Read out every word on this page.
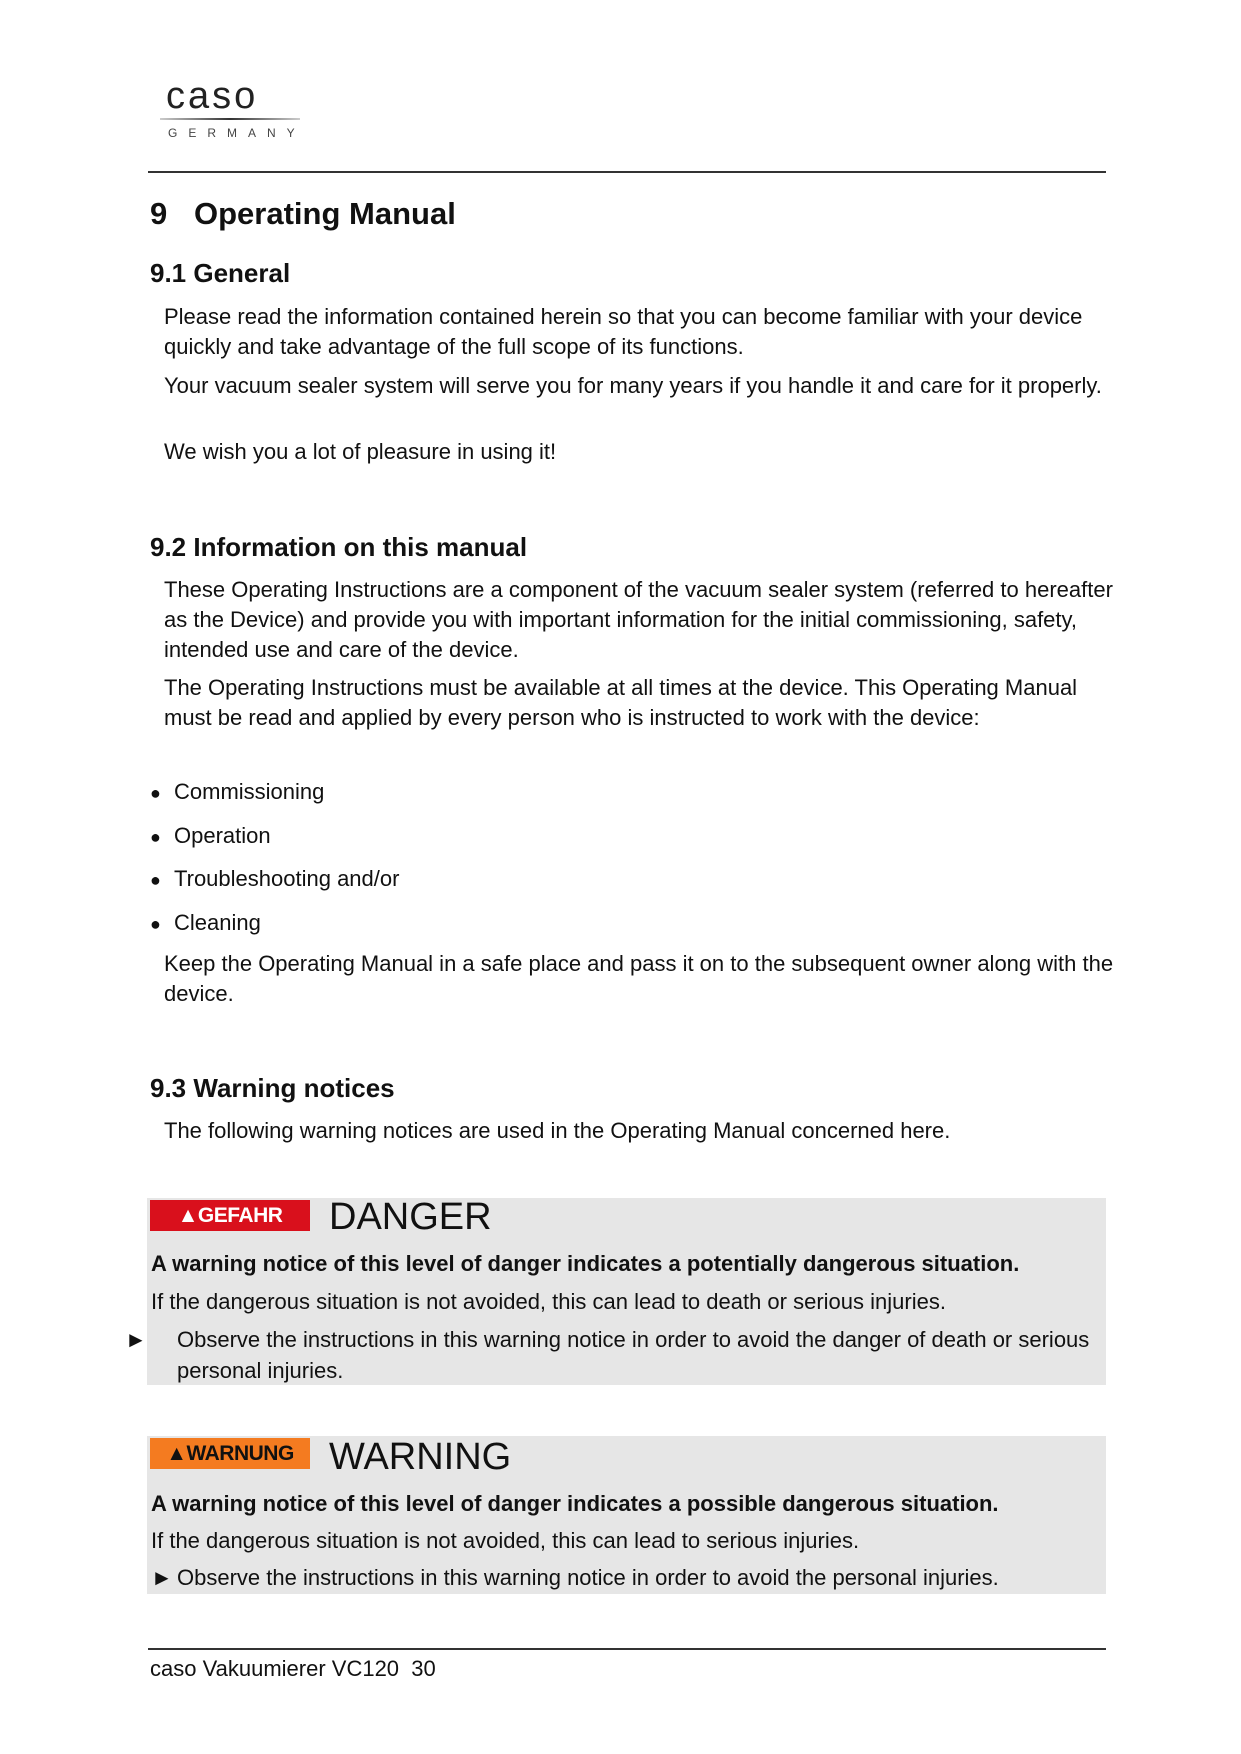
caso
GERMANY
9 Operating Manual
9.1 General
Please read the information contained herein so that you can become familiar with your device quickly and take advantage of the full scope of its functions.
Your vacuum sealer system will serve you for many years if you handle it and care for it properly.
We wish you a lot of pleasure in using it!
9.2 Information on this manual
These Operating Instructions are a component of the vacuum sealer system (referred to hereafter as the Device) and provide you with important information for the initial commissioning, safety, intended use and care of the device.
The Operating Instructions must be available at all times at the device. This Operating Manual must be read and applied by every person who is instructed to work with the device:
● Commissioning
● Operation
● Troubleshooting and/or
● Cleaning
Keep the Operating Manual in a safe place and pass it on to the subsequent owner along with the device.
9.3 Warning notices
The following warning notices are used in the Operating Manual concerned here.
▲GEFAHR	DANGER
A warning notice of this level of danger indicates a potentially dangerous situation.
If the dangerous situation is not avoided, this can lead to death or serious injuries.
► Observe the instructions in this warning notice in order to avoid the danger of death or serious personal injuries.
▲WARNUNG WARNING
A warning notice of this level of danger indicates a possible dangerous situation.
If the dangerous situation is not avoided, this can lead to serious injuries.
► Observe the instructions in this warning notice in order to avoid the personal injuries.
caso Vakuumierer VC120 30
